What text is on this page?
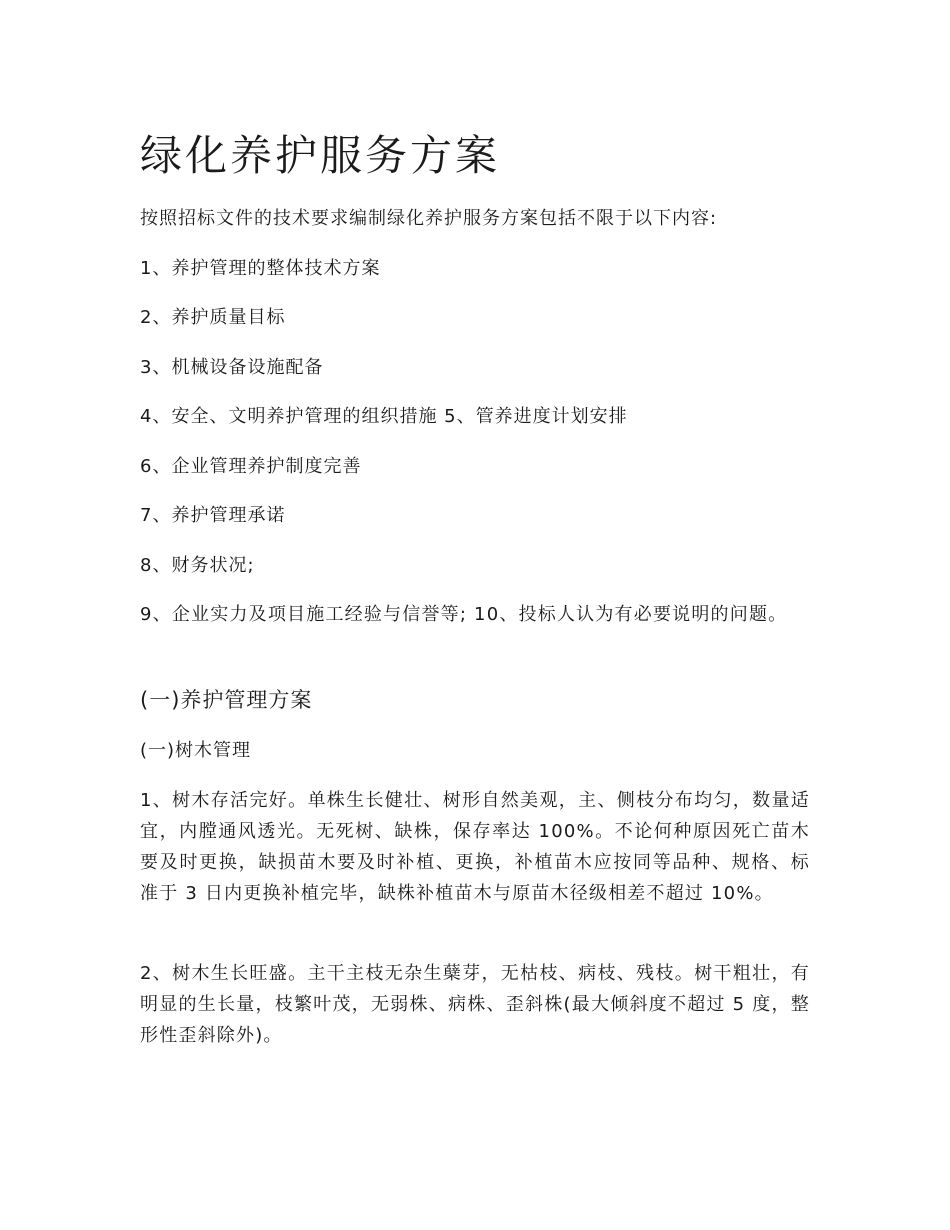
绿化养护服务方案

按照招标文件的技术要求编制绿化养护服务方案包括不限于以下内容:

1、养护管理的整体技术方案

2、养护质量目标

3、机械设备设施配备

4、安全、文明养护管理的组织措施 5、管养进度计划安排

6、企业管理养护制度完善

7、养护管理承诺

8、财务状况;

9、企业实力及项目施工经验与信誉等; 10、投标人认为有必要说明的问题。

(一)养护管理方案

(一)树木管理

1、树木存活完好。单株生长健壮、树形自然美观，主、侧枝分布均匀，数量适宜，内膛通风透光。无死树、缺株，保存率达 100%。不论何种原因死亡苗木要及时更换，缺损苗木要及时补植、更换，补植苗木应按同等品种、规格、标准于 3 日内更换补植完毕，缺株补植苗木与原苗木径级相差不超过 10%。

2、树木生长旺盛。主干主枝无杂生蘖芽，无枯枝、病枝、残枝。树干粗壮，有明显的生长量，枝繁叶茂，无弱株、病株、歪斜株(最大倾斜度不超过 5 度，整形性歪斜除外)。
